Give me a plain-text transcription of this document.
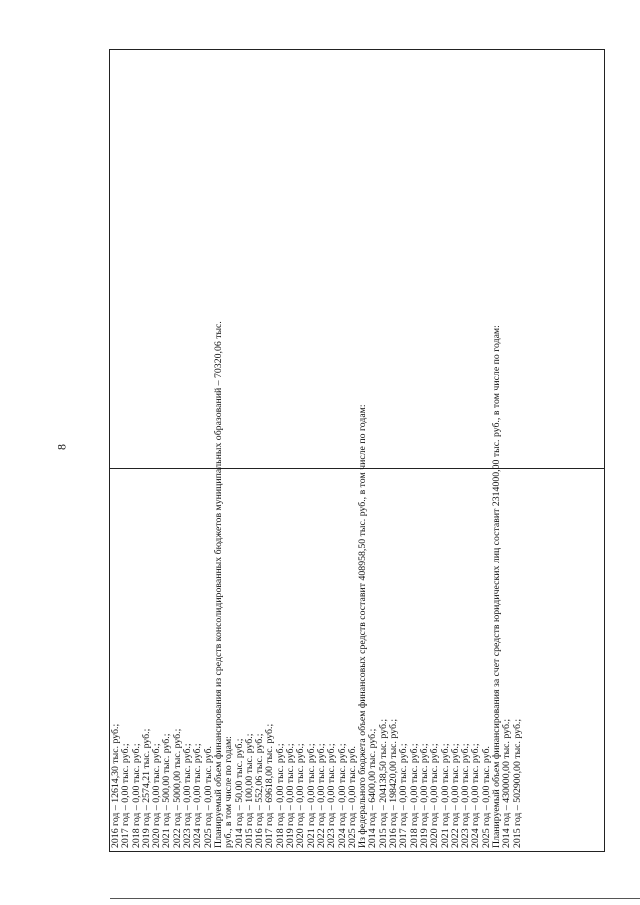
8
2016 год – 12614,30 тыс. руб.; 2017 год – 0,00 тыс. руб.; 2018 год – 0,00 тыс. руб.; 2019 год – 2574,21 тыс. руб.; 2020 год – 0,00 тыс. руб.; 2021 год – 500,00 тыс. руб.; 2022 год – 5000,00 тыс. руб.; 2023 год – 0,00 тыс. руб.; 2024 год – 0,00 тыс. руб.; 2025 год – 0,00 тыс. руб. Планируемый объем финансирования из средств консолидированных бюджетов муниципальных образований – 70320,06 тыс. руб., в том числе по годам: 2014 год – 50,00 тыс. руб.; 2015 год – 100,00 тыс. руб.; 2016 год – 552,06 тыс. руб.; 2017 год – 69618,00 тыс. руб.; 2018 год – 0,00 тыс. руб.; 2019 год – 0,00 тыс. руб.; 2020 год – 0,00 тыс. руб.; 2021 год – 0,00 тыс. руб.; 2022 год – 0,00 тыс. руб.; 2023 год – 0,00 тыс. руб.; 2024 год – 0,00 тыс. руб.; 2025 год – 0,00 тыс. руб. Из федерального бюджета объем финансовых средств составит 408958,50 тыс. руб., в том числе по годам: 2014 год – 6400,00 тыс. руб.; 2015 год – 204138,50 тыс. руб.; 2016 год – 198420,00 тыс. руб.; 2017 год – 0,00 тыс. руб.; 2018 год – 0,00 тыс. руб.; 2019 год – 0,00 тыс. руб.; 2020 год – 0,00 тыс. руб.; 2021 год – 0,00 тыс. руб.; 2022 год – 0,00 тыс. руб.; 2023 год – 0,00 тыс. руб.; 2024 год – 0,00 тыс. руб.; 2025 год – 0,00 тыс. руб. Планируемый объем финансирования за счет средств юридических лиц составит 2314000,00 тыс. руб., в том числе по годам: 2014 год – 430000,00 тыс. руб.; 2015 год – 502900,00 тыс. руб.;
